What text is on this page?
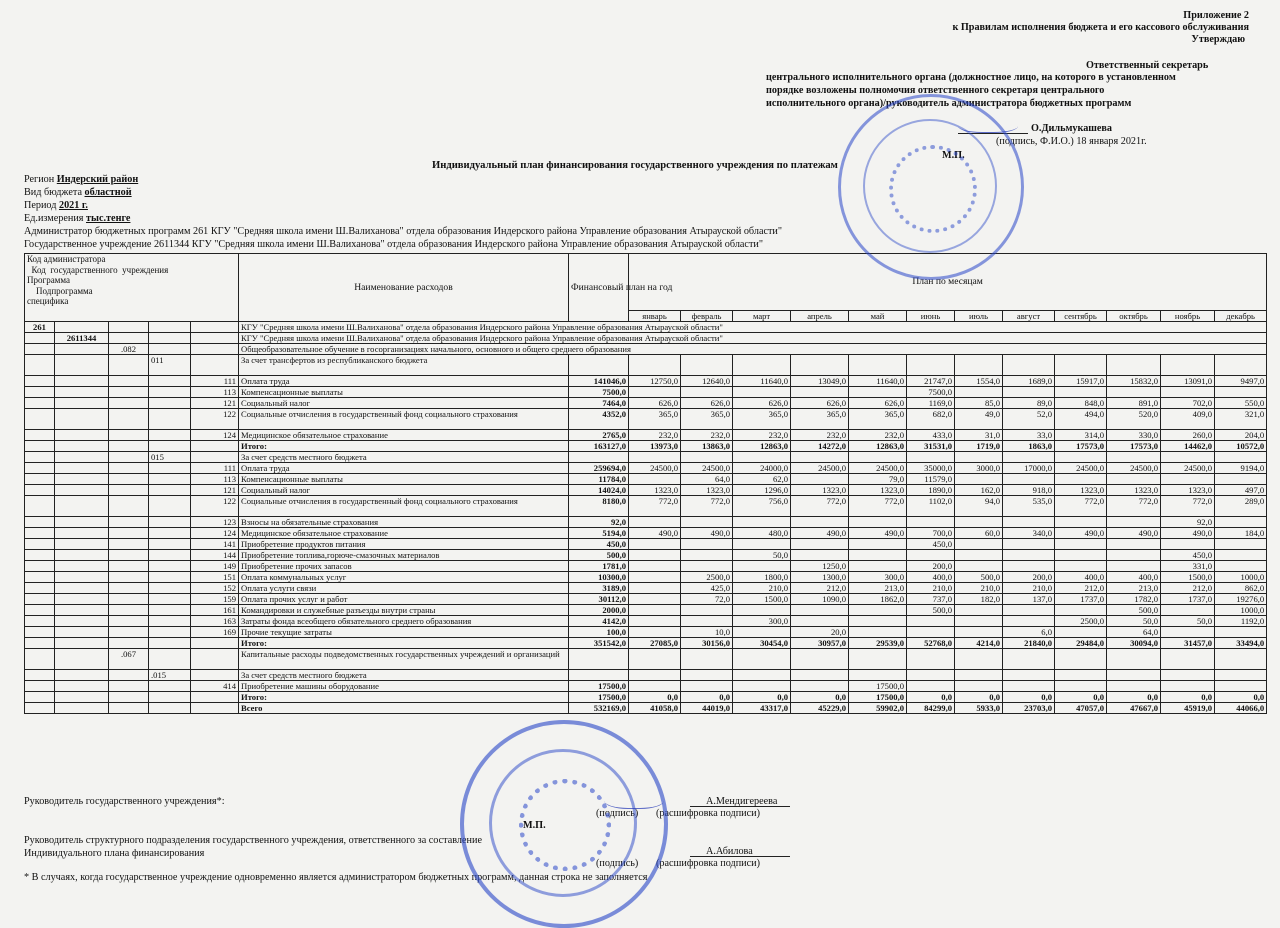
Приложение 2
к Правилам исполнения бюджета и его кассового обслуживания
Утверждаю
Ответственный секретарь
центрального исполнительного органа (должностное лицо, на которого в установленном
порядке возложены полномочия ответственного секретаря центрального
исполнительного органа)/руководитель администратора бюджетных программ
О.Дильмукашева
(подпись, Ф.И.О.) 18 января 2021г.
М.П.
Индивидуальный план финансирования государственного учреждения по платежам
Регион Индерский район
Вид бюджета областной
Период 2021 г.
Ед.измерения тыс.тенге
Администратор бюджетных программ 261 КГУ "Средняя школа имени Ш.Валиханова" отдела образования Индерского района Управление образования Атырауской области"
Государственное учреждение 2611344 КГУ "Средняя школа имени Ш.Валиханова" отдела образования Индерского района Управление образования Атырауской области"
Код администратора
Код  государственного  учреждения
Программа
Подпрограмма
специфика					Наименование расходов	Финансовый план на год	План по месяцам											
							январь	февраль	март	апрель	май	июнь	июль	август	сентябрь	октябрь	ноябрь	декабрь
261					КГУ "Средняя школа имени Ш.Валиханова" отдела образования Индерского района Управление образования Атырауской области"													
	2611344				КГУ "Средняя школа имени Ш.Валиханова" отдела образования Индерского района Управление образования Атырауской области"													
		.082			Общеобразовательное обучение в госорганизациях начального, основного и общего среднего образования													
			011		За счет трансфертов из республиканского бюджета													
				111	Оплата труда	141046,0	12750,0	12640,0	11640,0	13049,0	11640,0	21747,0	1554,0	1689,0	15917,0	15832,0	13091,0	9497,0
				113	Компенсационные выплаты	7500,0						7500,0						
				121	Социальный налог	7464,0	626,0	626,0	626,0	626,0	626,0	1169,0	85,0	89,0	848,0	891,0	702,0	550,0
				122	Социальные отчисления в государственный фонд социального страхования	4352,0	365,0	365,0	365,0	365,0	365,0	682,0	49,0	52,0	494,0	520,0	409,0	321,0
				124	Медицинское обязательное страхование	2765,0	232,0	232,0	232,0	232,0	232,0	433,0	31,0	33,0	314,0	330,0	260,0	204,0
					Итого:	163127,0	13973,0	13863,0	12863,0	14272,0	12863,0	31531,0	1719,0	1863,0	17573,0	17573,0	14462,0	10572,0
			015		За счет средств местного бюджета													
				111	Оплата труда	259694,0	24500,0	24500,0	24000,0	24500,0	24500,0	35000,0	3000,0	17000,0	24500,0	24500,0	24500,0	9194,0
				113	Компенсационные выплаты	11784,0		64,0	62,0		79,0	11579,0						
				121	Социальный налог	14024,0	1323,0	1323,0	1296,0	1323,0	1323,0	1890,0	162,0	918,0	1323,0	1323,0	1323,0	497,0
				122	Социальные отчисления в государственный фонд социального страхования	8180,0	772,0	772,0	756,0	772,0	772,0	1102,0	94,0	535,0	772,0	772,0	772,0	289,0
				123	Взносы на обязательные страхования	92,0											92,0	
				124	Медицинское обязательное страхование	5194,0	490,0	490,0	480,0	490,0	490,0	700,0	60,0	340,0	490,0	490,0	490,0	184,0
				141	Приобретение продуктов питания	450,0						450,0						
				144	Приобретение топлива,горюче-смазочных материалов	500,0			50,0								450,0	
				149	Приобретение прочих запасов	1781,0				1250,0		200,0					331,0	
				151	Оплата коммунальных услуг	10300,0		2500,0	1800,0	1300,0	300,0	400,0	500,0	200,0	400,0	400,0	1500,0	1000,0
				152	Оплата услуги связи	3189,0		425,0	210,0	212,0	213,0	210,0	210,0	210,0	212,0	213,0	212,0	862,0
				159	Оплата прочих услуг и работ	30112,0		72,0	1500,0	1090,0	1862,0	737,0	182,0	137,0	1737,0	1782,0	1737,0	19276,0
				161	Командировки и служебные разъезды внутри страны	2000,0						500,0				500,0		1000,0
				163	Затраты фонда всеобщего обязательного среднего образования	4142,0			300,0						2500,0	50,0	50,0	1192,0
				169	Прочие текущие затраты	100,0		10,0		20,0				6,0		64,0		
					Итого:	351542,0	27085,0	30156,0	30454,0	30957,0	29539,0	52768,0	4214,0	21840,0	29484,0	30094,0	31457,0	33494,0
		.067			Капитальные расходы подведомственных государственных учреждений и организаций													
			.015		За счет средств местного бюджета													
				414	Приобретение машины оборудование	17500,0					17500,0							
					Итого:	17500,0	0,0	0,0	0,0	0,0	17500,0	0,0	0,0	0,0	0,0	0,0	0,0	0,0
					Всего	532169,0	41058,0	44019,0	43317,0	45229,0	59902,0	84299,0	5933,0	23703,0	47057,0	47667,0	45919,0	44066,0
Руководитель государственного учреждения*:	А.Мендигереева
(подпись) (расшифровка подписи)
М.П.
Руководитель структурного подразделения государственного учреждения, ответственного за составление
Индивидуального плана финансирования	А.Абилова
(подпись) (расшифровка подписи)
* В случаях, когда государственное учреждение одновременно является администратором бюджетных программ, данная строка не заполняется
